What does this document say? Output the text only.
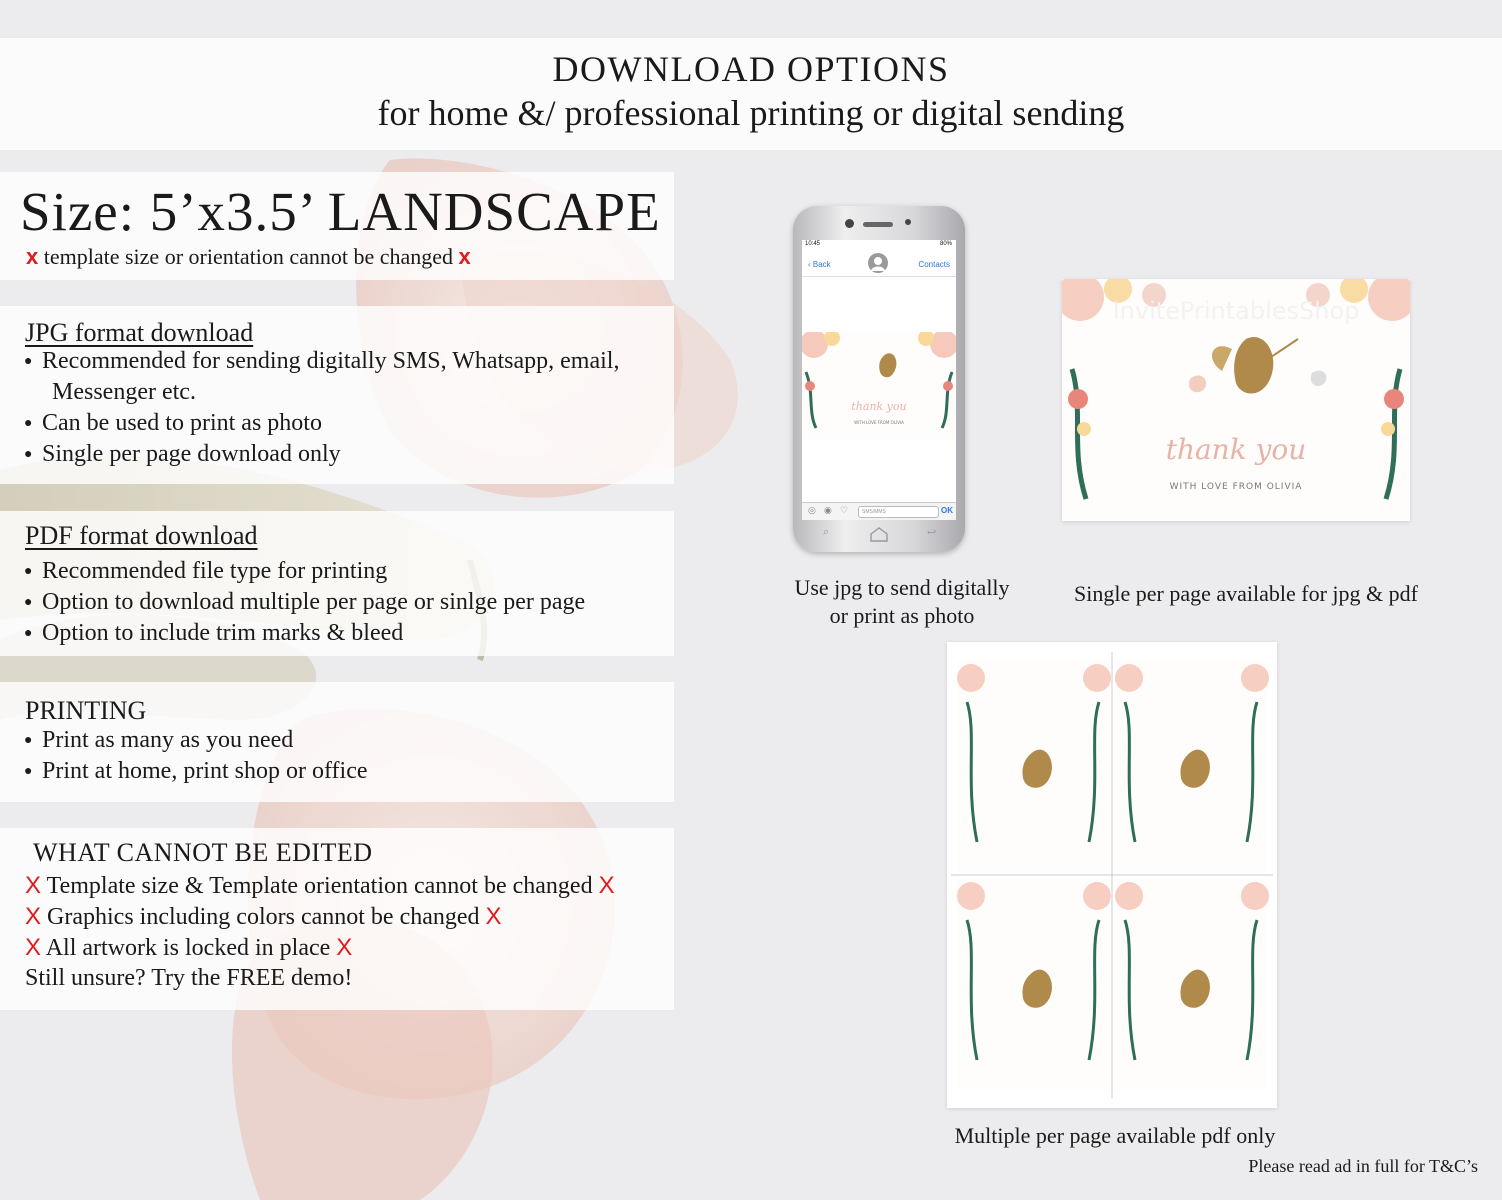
DOWNLOAD OPTIONS
for home &/ professional printing or digital sending
Size: 5’x3.5’ LANDSCAPE
x template size or orientation cannot be changed x
JPG format download
● Recommended for sending digitally SMS, Whatsapp, email,
Messenger etc.
● Can be used to print as photo
● Single per page download only
PDF format download
● Recommended file type for printing
● Option to download multiple per page or sinlge per page
● Option to include trim marks & bleed
PRINTING
● Print as many as you need
● Print at home, print shop or office
WHAT CANNOT BE EDITED
X Template size & Template orientation cannot be changed X
X Graphics including colors cannot be changed X
X All artwork is locked in place X
Still unsure? Try the FREE demo!
10:45	80%
‹ Back	Contacts
thank you
WITH LOVE FROM OLIVIA
◎ ◉ ♡	SMS/MMS	OK
⌕	↩
Use jpg to send digitally
or print as photo
InvitePrintablesShop
thank you
WITH LOVE FROM OLIVIA
Single per page available for jpg & pdf
Multiple per page available pdf only
Please read ad in full for T&C’s
